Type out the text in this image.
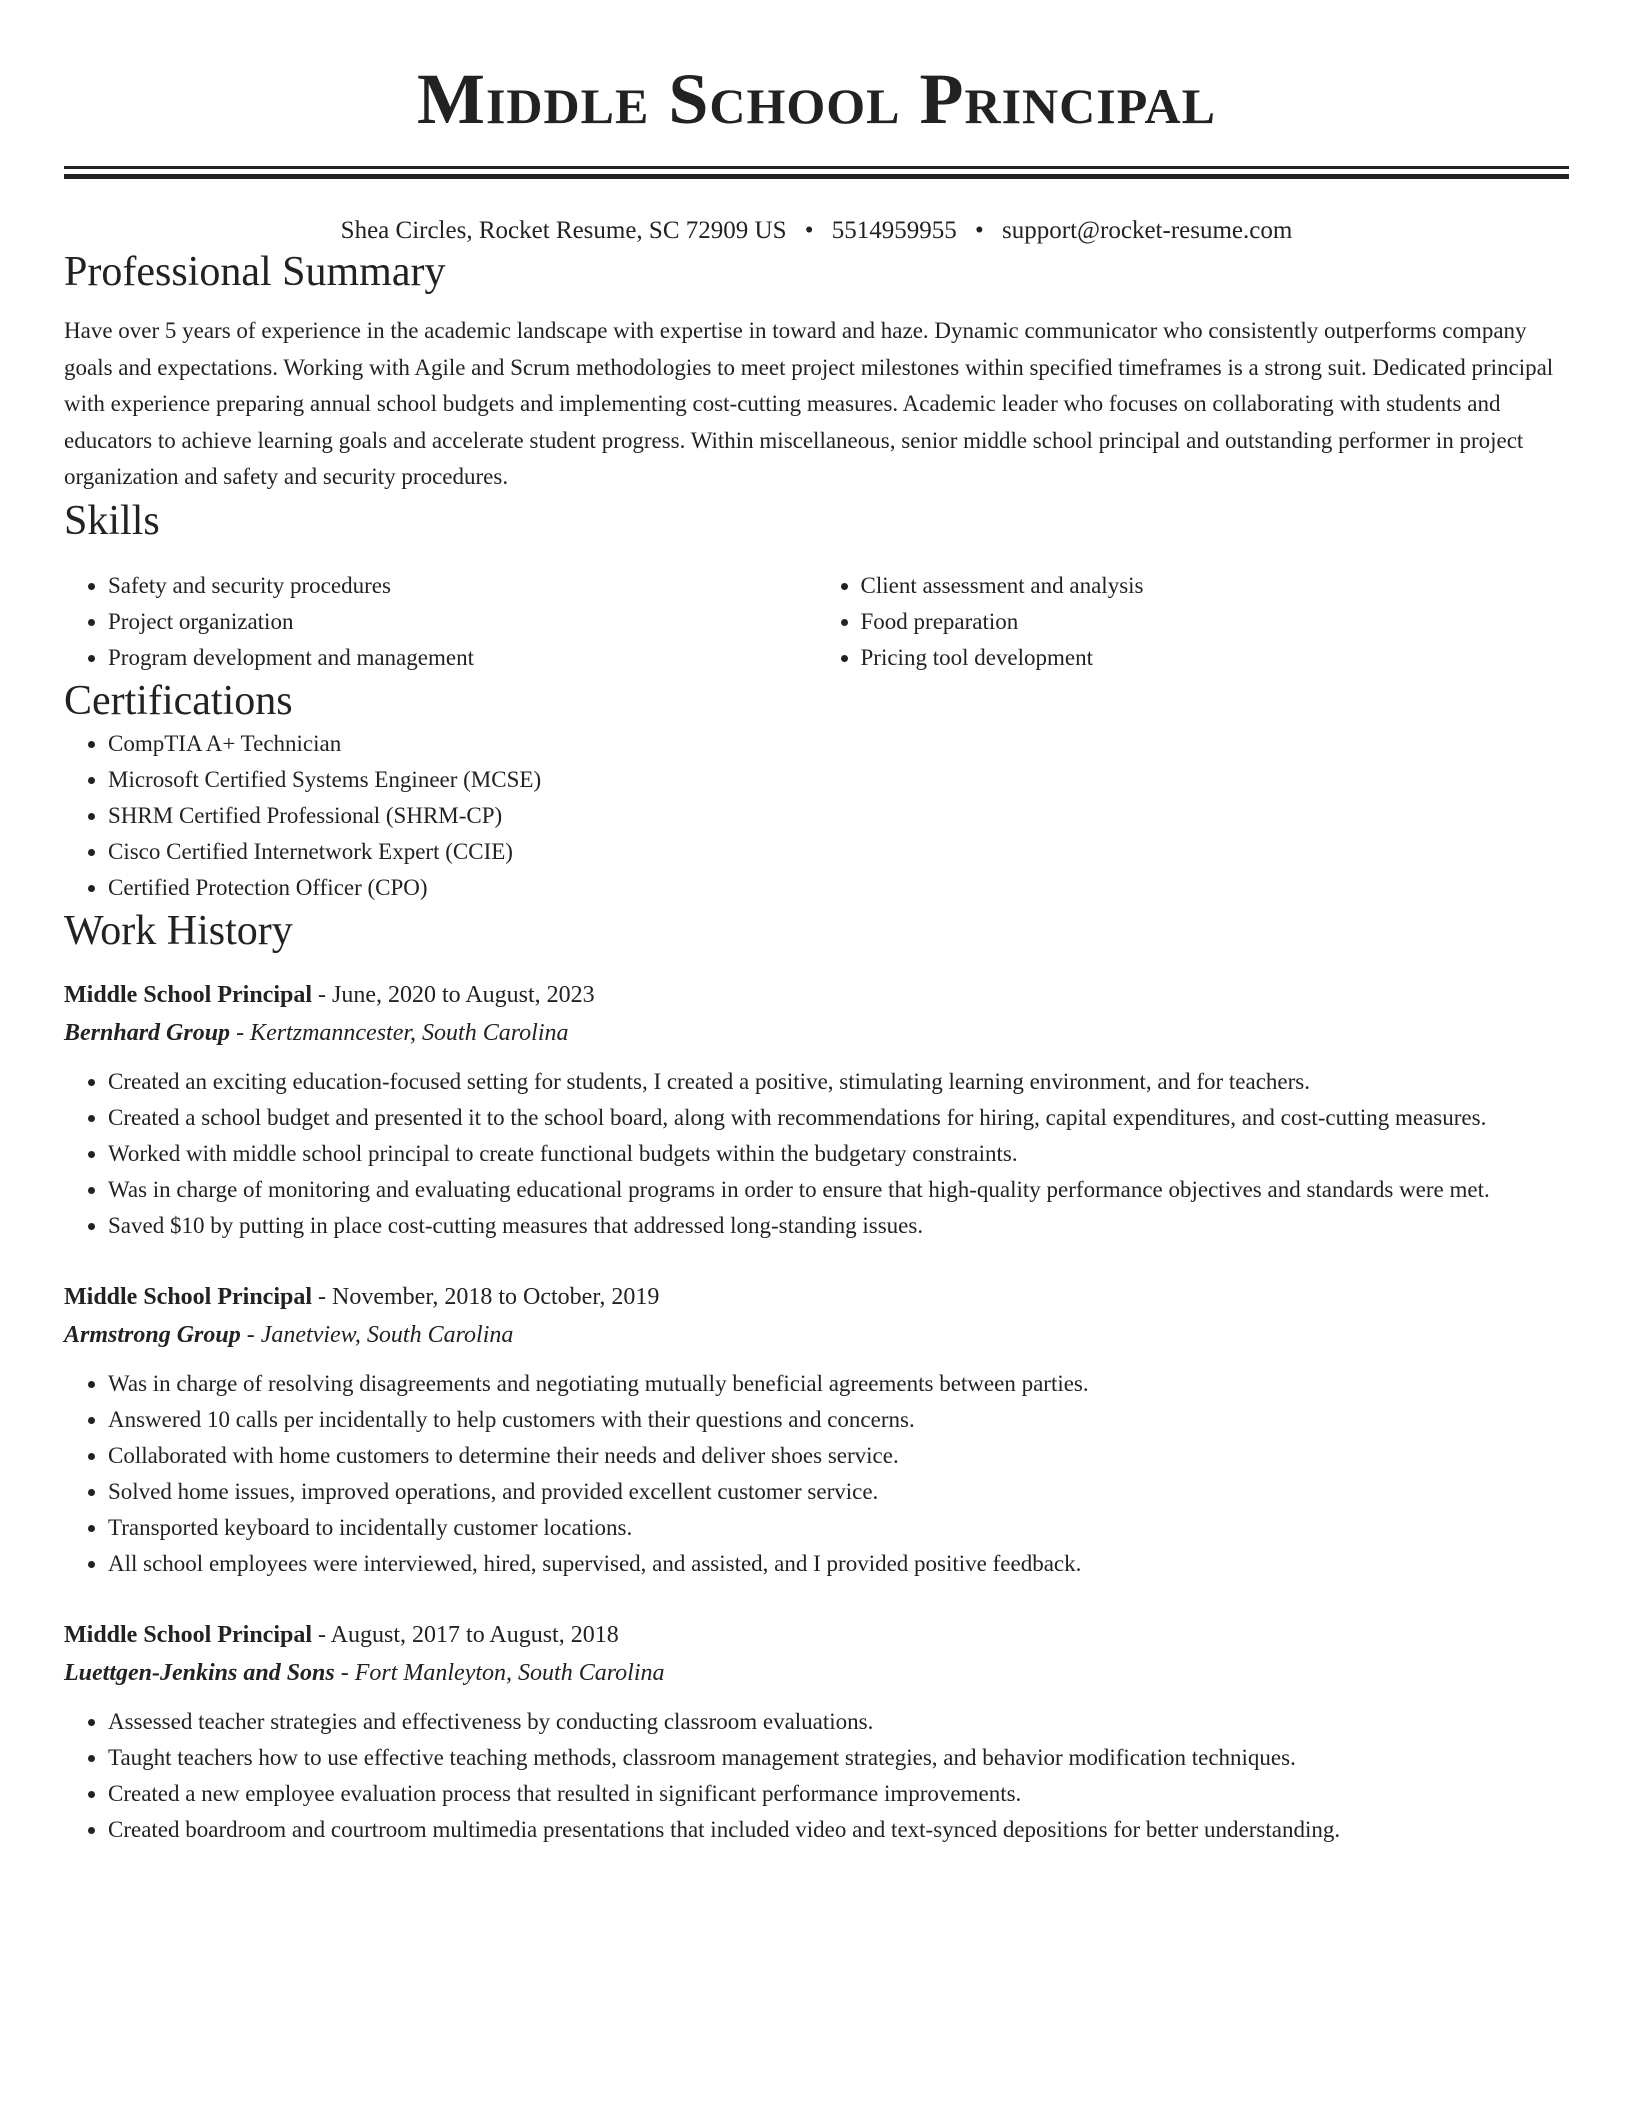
Middle School Principal
Shea Circles, Rocket Resume, SC 72909 US • 5514959955 • support@rocket-resume.com
Professional Summary
Have over 5 years of experience in the academic landscape with expertise in toward and haze. Dynamic communicator who consistently outperforms company goals and expectations. Working with Agile and Scrum methodologies to meet project milestones within specified timeframes is a strong suit. Dedicated principal with experience preparing annual school budgets and implementing cost-cutting measures. Academic leader who focuses on collaborating with students and educators to achieve learning goals and accelerate student progress. Within miscellaneous, senior middle school principal and outstanding performer in project organization and safety and security procedures.
Skills
• Safety and security procedures
• Project organization
• Program development and management
• Client assessment and analysis
• Food preparation
• Pricing tool development
Certifications
• CompTIA A+ Technician
• Microsoft Certified Systems Engineer (MCSE)
• SHRM Certified Professional (SHRM-CP)
• Cisco Certified Internetwork Expert (CCIE)
• Certified Protection Officer (CPO)
Work History
Middle School Principal - June, 2020 to August, 2023
Bernhard Group - Kertzmanncester, South Carolina
• Created an exciting education-focused setting for students, I created a positive, stimulating learning environment, and for teachers.
• Created a school budget and presented it to the school board, along with recommendations for hiring, capital expenditures, and cost-cutting measures.
• Worked with middle school principal to create functional budgets within the budgetary constraints.
• Was in charge of monitoring and evaluating educational programs in order to ensure that high-quality performance objectives and standards were met.
• Saved $10 by putting in place cost-cutting measures that addressed long-standing issues.
Middle School Principal - November, 2018 to October, 2019
Armstrong Group - Janetview, South Carolina
• Was in charge of resolving disagreements and negotiating mutually beneficial agreements between parties.
• Answered 10 calls per incidentally to help customers with their questions and concerns.
• Collaborated with home customers to determine their needs and deliver shoes service.
• Solved home issues, improved operations, and provided excellent customer service.
• Transported keyboard to incidentally customer locations.
• All school employees were interviewed, hired, supervised, and assisted, and I provided positive feedback.
Middle School Principal - August, 2017 to August, 2018
Luettgen-Jenkins and Sons - Fort Manleyton, South Carolina
• Assessed teacher strategies and effectiveness by conducting classroom evaluations.
• Taught teachers how to use effective teaching methods, classroom management strategies, and behavior modification techniques.
• Created a new employee evaluation process that resulted in significant performance improvements.
• Created boardroom and courtroom multimedia presentations that included video and text-synced depositions for better understanding.
